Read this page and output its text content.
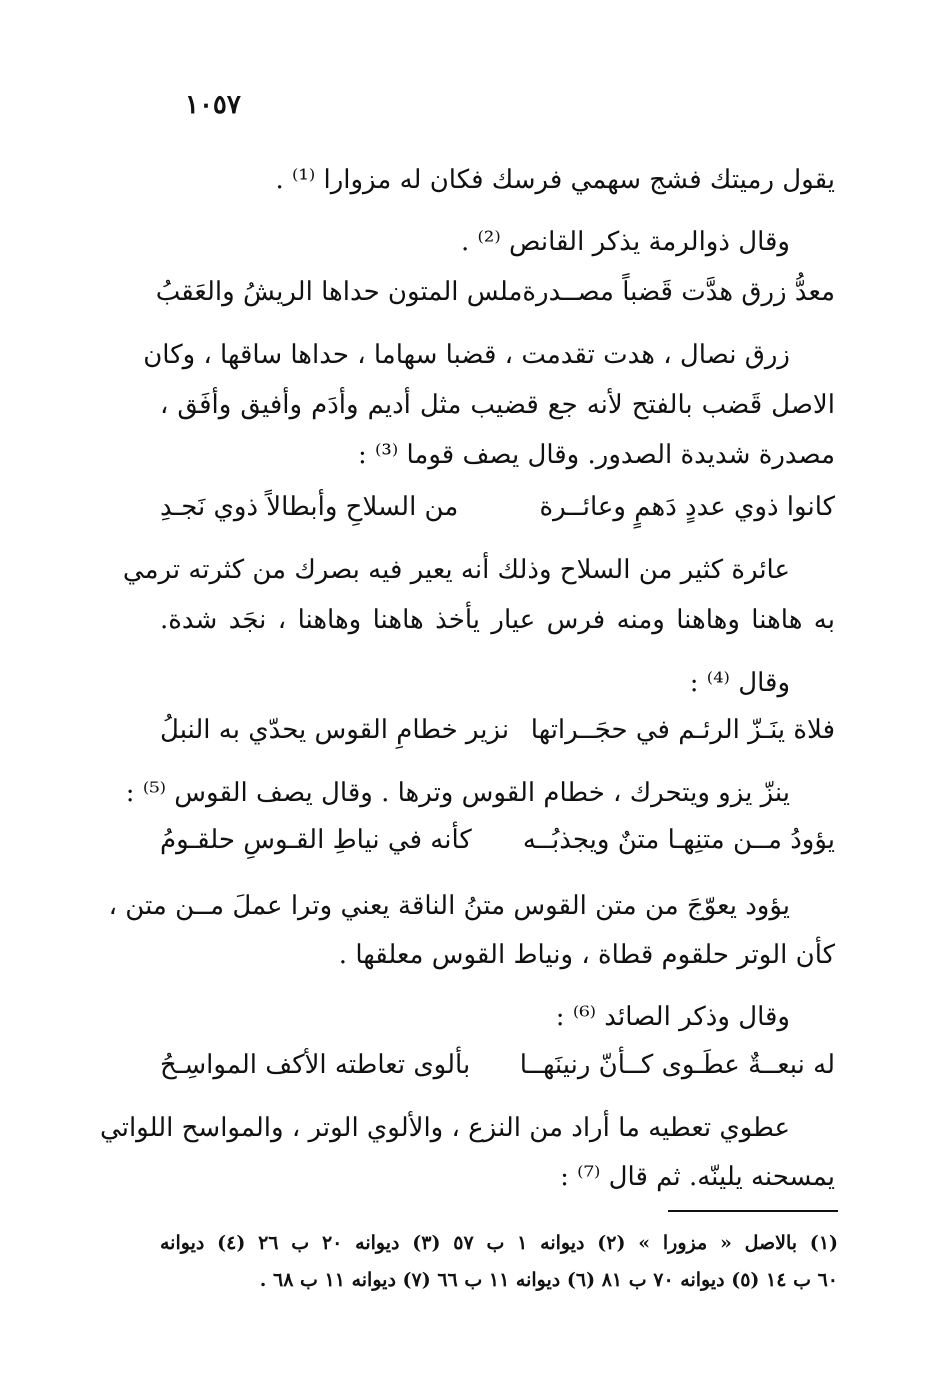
١٠٥٧
يقول رميتك فشج سهمي فرسك فكان له مزوارا ⁽¹⁾ .
وقال ذوالرمة يذكر القانص ⁽²⁾ .
معدُّ زرق هدَّت قَضباً مصــدرة
ملس المتون حداها الريشُ والعَقبُ
زرق نصال ، هدت تقدمت ، قضبا سهاما ، حداها ساقها ، وكان
الاصل قَضب بالفتح لأنه جع قضيب مثل أديم وأدَم وأفيق وأفَق ،
مصدرة شديدة الصدور. وقال يصف قوما ⁽³⁾ :
كانوا ذوي عددٍ دَهمٍ وعائــرة
من السلاحِ وأبطالاً ذوي نَجـدِ
عائرة كثير من السلاح وذلك أنه يعير فيه بصرك من كثرته ترمي
به هاهنا وهاهنا ومنه فرس عيار يأخذ هاهنا وهاهنا ، نجَد شدة.
وقال ⁽⁴⁾ :
فلاة ينَـزّ الرئـم في حجَــراتها
نزير خطامِ القوس يحدّي به النبلُ
ينزّ يزو ويتحرك ، خطام القوس وترها . وقال يصف القوس ⁽⁵⁾ :
يؤودُ مــن متنِهـا متنٌ ويجذبُــه
كأنه في نياطِ القـوسِ حلقـومُ
يؤود يعوّجَ من متن القوس متنُ الناقة يعني وترا عملَ مــن متن ،
كأن الوتر حلقوم قطاة ، ونياط القوس معلقها .
وقال وذكر الصائد ⁽⁶⁾ :
له نبعــةٌ عطَـوى كــأنّ رنينَهــا
بألوى تعاطته الأكف المواسِـحُ
عطوي تعطيه ما أراد من النزع ، والألوي الوتر ، والمواسح اللواتي
يمسحنه يلينّه. ثم قال ⁽⁷⁾ :
(١) بالاصل « مزورا » (٢) ديوانه ١ ب ٥٧ (٣) ديوانه ٢٠ ب ٢٦ (٤) ديوانه
٦٠ ب ١٤ (٥) ديوانه ٧٠ ب ٨١ (٦) ديوانه ١١ ب ٦٦ (٧) ديوانه ١١ ب ٦٨ .
